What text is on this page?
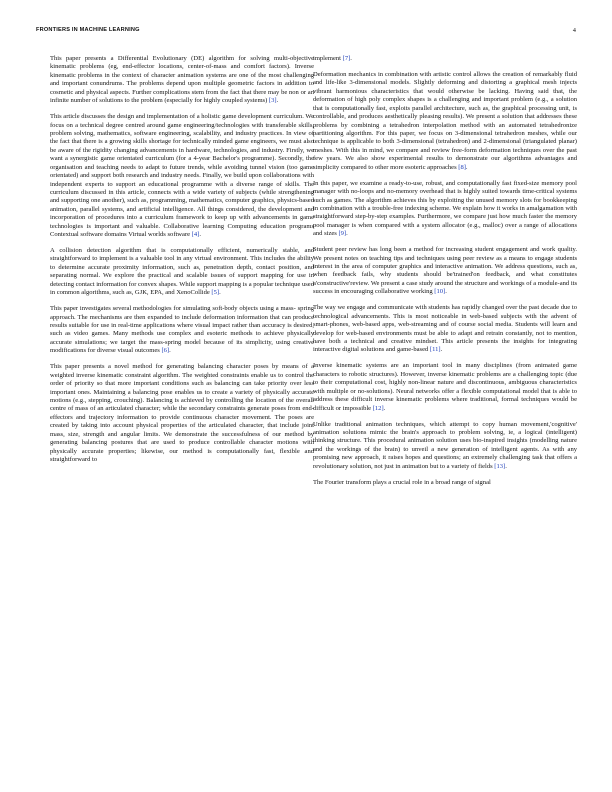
FRONTIERS IN MACHINE LEARNING	4

This paper presents a Differential Evolutionary (DE) algorithm for solving multi-objective kinematic problems (eg, end-effector locations, center-of-mass and comfort factors). Inverse kinematic problems in the context of character animation systems are one of the most challenging and important conundrums. The problems depend upon multiple geometric factors in addition to cosmetic and physical aspects. Further complications stem from the fact that there may be non or an infinite number of solutions to the problem (especially for highly coupled systems) [3].

This article discusses the design and implementation of a holistic game development curriculum. We focus on a technical degree centred around game engineering/technologies with transferable skills, problem solving, mathematics, software engineering, scalability, and industry practices. In view of the fact that there is a growing skills shortage for technically minded game engineers, we must also be aware of the rigidity changing advancements in hardware, technologies, and industry. Firstly, we want a synergistic game orientated curriculum (for a 4-year Bachelor's programme). Secondly, the organisation and teaching needs to adapt to future trends, while avoiding tunnel vision (too game orientated) and support both research and industry needs. Finally, we build upon collaborations with independent experts to support an educational programme with a diverse range of skills. The curriculum discussed in this article, connects with a wide variety of subjects (while strengthening and supporting one another), such as, programming, mathematics, computer graphics, physics-based animation, parallel systems, and artificial intelligence. All things considered, the development and incorporation of procedures into a curriculum framework to keep up with advancements in game technologies is important and valuable. Collaborative learning Computing education programs Contextual software domains Virtual worlds software [4].

A collision detection algorithm that is computationally efficient, numerically stable, and straightforward to implement is a valuable tool in any virtual environment. This includes the ability to determine accurate proximity information, such as, penetration depth, contact position, and separating normal. We explore the practical and scalable issues of support mapping for use in detecting contact information for convex shapes. While support mapping is a popular technique used in common algorithms, such as, GJK, EPA, and XenoCollide [5].

This paper investigates several methodologies for simulating soft-body objects using a mass- spring approach. The mechanisms are then expanded to include deformation information that can produce results suitable for use in real-time applications where visual impact rather than accuracy is desired, such as video games. Many methods use complex and esoteric methods to achieve physically accurate simulations; we target the mass-spring model because of its simplicity, using creative modifications for diverse visual outcomes [6].

This paper presents a novel method for generating balancing character poses by means of a weighted inverse kinematic constraint algorithm. The weighted constraints enable us to control the order of priority so that more important conditions such as balancing can take priority over less important ones. Maintaining a balancing pose enables us to create a variety of physically accurate motions (e.g., stepping, crouching). Balancing is achieved by controlling the location of the overall centre of mass of an articulated character; while the secondary constraints generate poses from end-effectors and trajectory information to provide continuous character movement. The poses are created by taking into account physical properties of the articulated character, that include joint mass, size, strength and angular limits. We demonstrate the successfulness of our method by generating balancing postures that are used to produce controllable character motions with physically accurate properties; likewise, our method is computationally fast, flexible and straightforward to

implement [7].

Deformation mechanics in combination with artistic control allows the creation of remarkably fluid and life-like 3-dimensional models. Slightly deforming and distorting a graphical mesh injects vibrant harmonious characteristics that would otherwise be lacking. Having said that, the deformation of high poly complex shapes is a challenging and important problem (e.g., a solution that is computationally fast, exploits parallel architecture, such as, the graphical processing unit, is controllable, and produces aesthetically pleasing results). We present a solution that addresses these problems by combining a tetrahedron interpolation method with an automated tetrahedronize partitioning algorithm. For this paper, we focus on 3-dimensional tetrahedron meshes, while our technique is applicable to both 3-dimensional (tetrahedron) and 2-dimensional (triangulated planar) meshes. With this in mind, we compare and review free-form deformation techniques over the past few years. We also show experimental results to demonstrate our algorithms advantages and simplicity compared to other more esoteric approaches [8].

In this paper, we examine a ready-to-use, robust, and computationally fast fixed-size memory pool manager with no-loops and no-memory overhead that is highly suited towards time-critical systems such as games. The algorithm achieves this by exploiting the unused memory slots for bookkeeping in combination with a trouble-free indexing scheme. We explain how it works in amalgamation with straightforward step-by-step examples. Furthermore, we compare just how much faster the memory pool manager is when compared with a system allocator (e.g., malloc) over a range of allocations and sizes [9].

Student peer review has long been a method for increasing student engagement and work quality. We present notes on teaching tips and techniques using peer review as a means to engage students interest in the area of computer graphics and interactive animation. We address questions, such as, when feedback fails, why students should be'trained'on feedback, and what constitutes a'constructive'review. We present a case study around the structure and workings of a module-and its success in encouraging collaborative working [10].

The way we engage and communicate with students has rapidly changed over the past decade due to technological advancements. This is most noticeable in web-based subjects with the advent of smart-phones, web-based apps, web-streaming and of course social media. Students will learn and develop for web-based environments must be able to adapt and retrain constantly, not to mention, have both a technical and creative mindset. This article presents the insights for integrating interactive digital solutions and game-based [11].

Inverse kinematic systems are an important tool in many disciplines (from animated game characters to robotic structures). However, inverse kinematic problems are a challenging topic (due to their computational cost, highly non-linear nature and discontinuous, ambiguous characteristics with multiple or no-solutions). Neural networks offer a flexible computational model that is able to address these difficult inverse kinematic problems where traditional, formal techniques would be difficult or impossible [12].

Unlike traditional animation techniques, which attempt to copy human movement,'cognitive' animation solutions mimic the brain's approach to problem solving, ie, a logical (intelligent) thinking structure. This procedural animation solution uses bio-inspired insights (modelling nature and the workings of the brain) to unveil a new generation of intelligent agents. As with any promising new approach, it raises hopes and questions; an extremely challenging task that offers a revolutionary solution, not just in animation but to a variety of fields [13].

The Fourier transform plays a crucial role in a broad range of signal
